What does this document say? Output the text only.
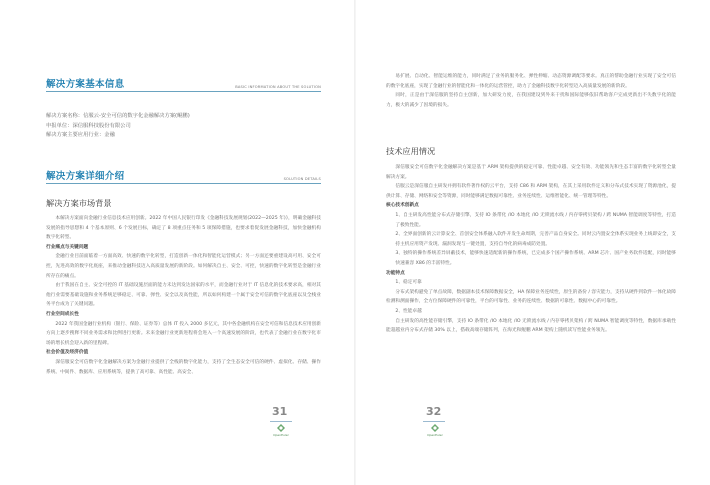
解决方案基本信息	BASIC INFORMATION ABOUT THE SOLUTION
解决方案名称：信服云-安全可信的数字化金融解决方案(鲲鹏)
申报单位：深信服科技股份有限公司
解决方案主要应用行业：金融
解决方案详细介绍	SOLUTION DETAILS
解决方案市场背景

本解决方案面向金融行业信息技术应用创新。2022 年中国人民银行印发《金融科技发展规划(2022—2025 年)》，明确金融科技发展的指导思想和 4 个基本原则、6 个发展目标，确定了 8 项重点任务和 5 项保障措施，也要求着促发展金融科技，加快金融机构数字化转型。

行业痛点与关键问题

金融行业目前面临着一方面高效、快速的数字化转型，打造创新一体化和智能化运营模式；另一方面还要重建设高可用、安全可控，先进高效的数字化底座，来推动金融科技迈入高质量发展的新阶段。如何解决自主、安全、可控，快速的数字化转型是金融行业所存在的痛点。

由于我国在自主、安全可控的 IT 基础设施层面的能力未达到发达国家的水平，而金融行业对于 IT 信息化的技术要求高，相对其他行业需要基础设施和业务系统足够稳定、可靠、弹性、安全以及高性能，所以如何构建一个属于安全可信的数字化底座以及全栈业务平台成为了关键问题。

行业空间成长性

2022 年我国金融行业机构（银行、保险、证券等）总体 IT 投入 2000 多亿元，其中各金融机构在安全可信和信息技术应用创新方向上逐步搜释不同业务需求和比例进行更新。未来金融行业更新进程将会进入一个高速发展的阶段，也代表了金融行业在数字化市场的增长机会迎入新的里程碑。

社会价值及经济价值

深信服安全可信数字化金融解决方案为金融行业提供了全栈的数字化能力，支持了全生态安全可信的硬件、虚拟化、存储、操作系统、中间件、数据库、应用系统等，提供了高可靠、高性能、高安全、

31
OpenEuler

易扩展、自动化、智能运维的能力，同时满足了业务的服务化、弹性伸缩、动态资源调配等要求。真正的帮助金融行业实现了安全可信的数字化底座，实现了金融行业的智能化和一体化的运营管控，助力了金融科技数字化转型迈入高质量发展的新阶段。

同时，正是由于深信服的坚持自主创新，加大研发力度，在我国建设到外来干扰和国际能够依旧帮助客户完成更新出不失数字化的能力，极大的减少了因境的损失。

技术应用情况

深信服安全可信数字化金融解决方案是基于 ARM 架构提供的稳定可靠、性能卓越、安全有效、功能领先和生态丰富的数字化转型全量解决方案。

信服云是深信服自主研发并拥有软件著作权的云平台，支持 C86 和 ARM 架构，在其上采用软件定义和分布式技术实现了资源池化，提供计算、存储、网络和安全等资源，同时能够满足数据可靠性、业务连续性、运维智能化、统一管理等特性。

核心技术创新点

1、自主研发高性能分布式存储引擎，支持 IO 条带化 /IO 本地化 /IO 无锁流水线 / 内存零拷贝架构 / 跨 NUMA 智能调度等特性，打造了极致性能。

2、全界面创新的云计算安全、首创安全体系融入软件开发生命周期，完善产品自身安全。同时云内置安全体系实现业务上线即安全，支持主机应用资产发现、漏洞发现与一键处置，支持自导化的病毒成防处置。

3、独特的操作系统差异屏蔽技术，能够快速适配新的操作系统，已完成多个国产操作系统、ARM 芯片、国产业务软件适配，同时能够快速兼容 X86 的丰富特性。

功能特点

1、稳定可靠

分布式架构避免了单点故障，数据副本技术保障数据安全，HA 保障业务连续性，原生的备份 / 容灾能力，支持从硬件到软件一体化故障检测和测面操作，全方位保障硬件的可靠性，平台的可靠性、业务的连续性、数据的可靠性、数据中心的可靠性。

2、性能卓越

自主研发的高性能存储引擎，支持 IO 条带化 /IO 本地化 /IO 无锁流水线 / 内存零拷贝架构 / 跨 NUMA 智能调度等特性，数据库承载性能超越业内分布式存储 30% 以上，搭载高端存储阵列，在海光和鲲鹏 ARM 架构上随机读写性能业务领先。

32
OpenEuler
